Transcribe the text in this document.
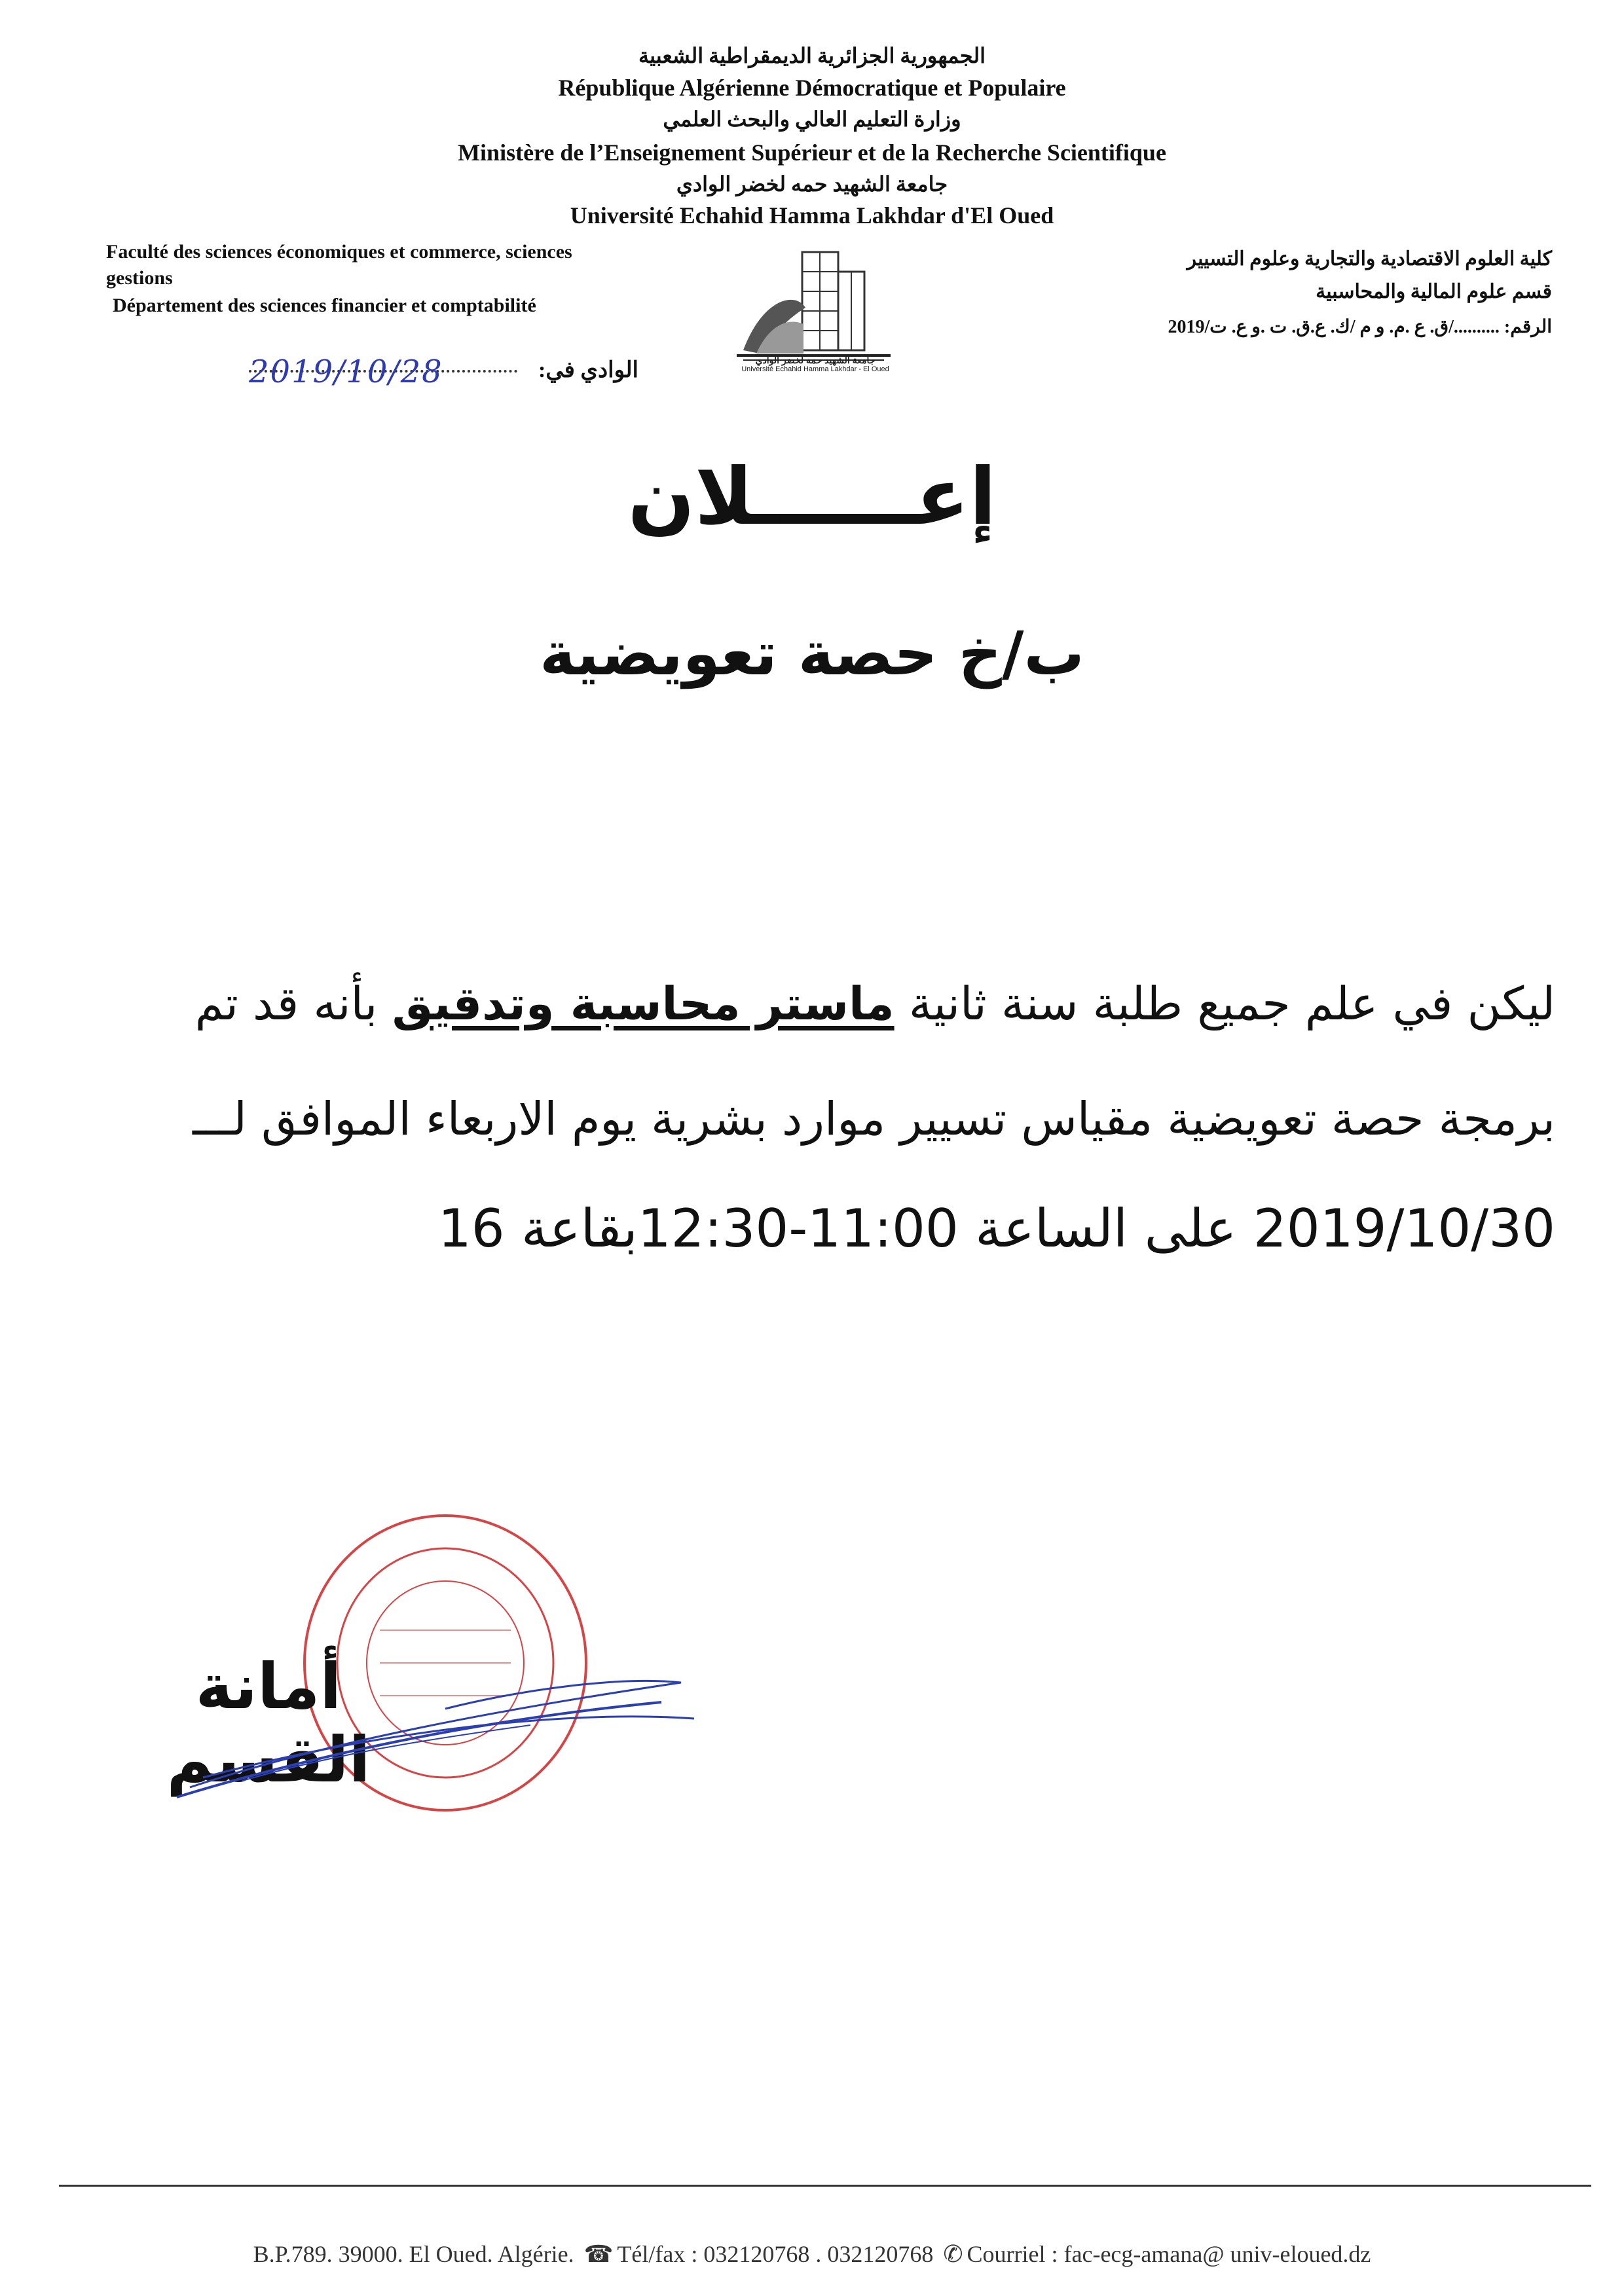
الجمهورية الجزائرية الديمقراطية الشعبية
République Algérienne Démocratique et Populaire
وزارة التعليم العالي والبحث العلمي
Ministère de l’Enseignement Supérieur et de la Recherche Scientifique
جامعة الشهيد حمه لخضر الوادي
Université Echahid Hamma Lakhdar d'El Oued
Faculté des sciences économiques et commerce, sciences
gestions
Département des sciences financier et comptabilité
كلية العلوم الاقتصادية والتجارية وعلوم التسيير
قسم علوم المالية والمحاسبية
الرقم: ........../ق. ع .م. و م /ك. ع.ق. ت .و ع. ت/2019
2019/10/28	الوادي في:	جامعة الشهيد حمه لخضر الوادي
Université Echahid Hamma Lakhdar - El Oued
إعــــــلان
ب/خ حصة تعويضية
ليكن في علم جميع طلبة سنة ثانية ماستر محاسبة وتدقيق بأنه قد تم
برمجة حصة تعويضية مقياس تسيير موارد بشرية يوم الاربعاء الموافق لـــ
2019/10/30 على الساعة 11:00-12:30بقاعة 16
أمانة القسم
B.P.789. 39000. El Oued. Algérie. ☎ Tél/fax : 032120768 . 032120768 ✆ Courriel : fac-ecg-amana@ univ-eloued.dz
